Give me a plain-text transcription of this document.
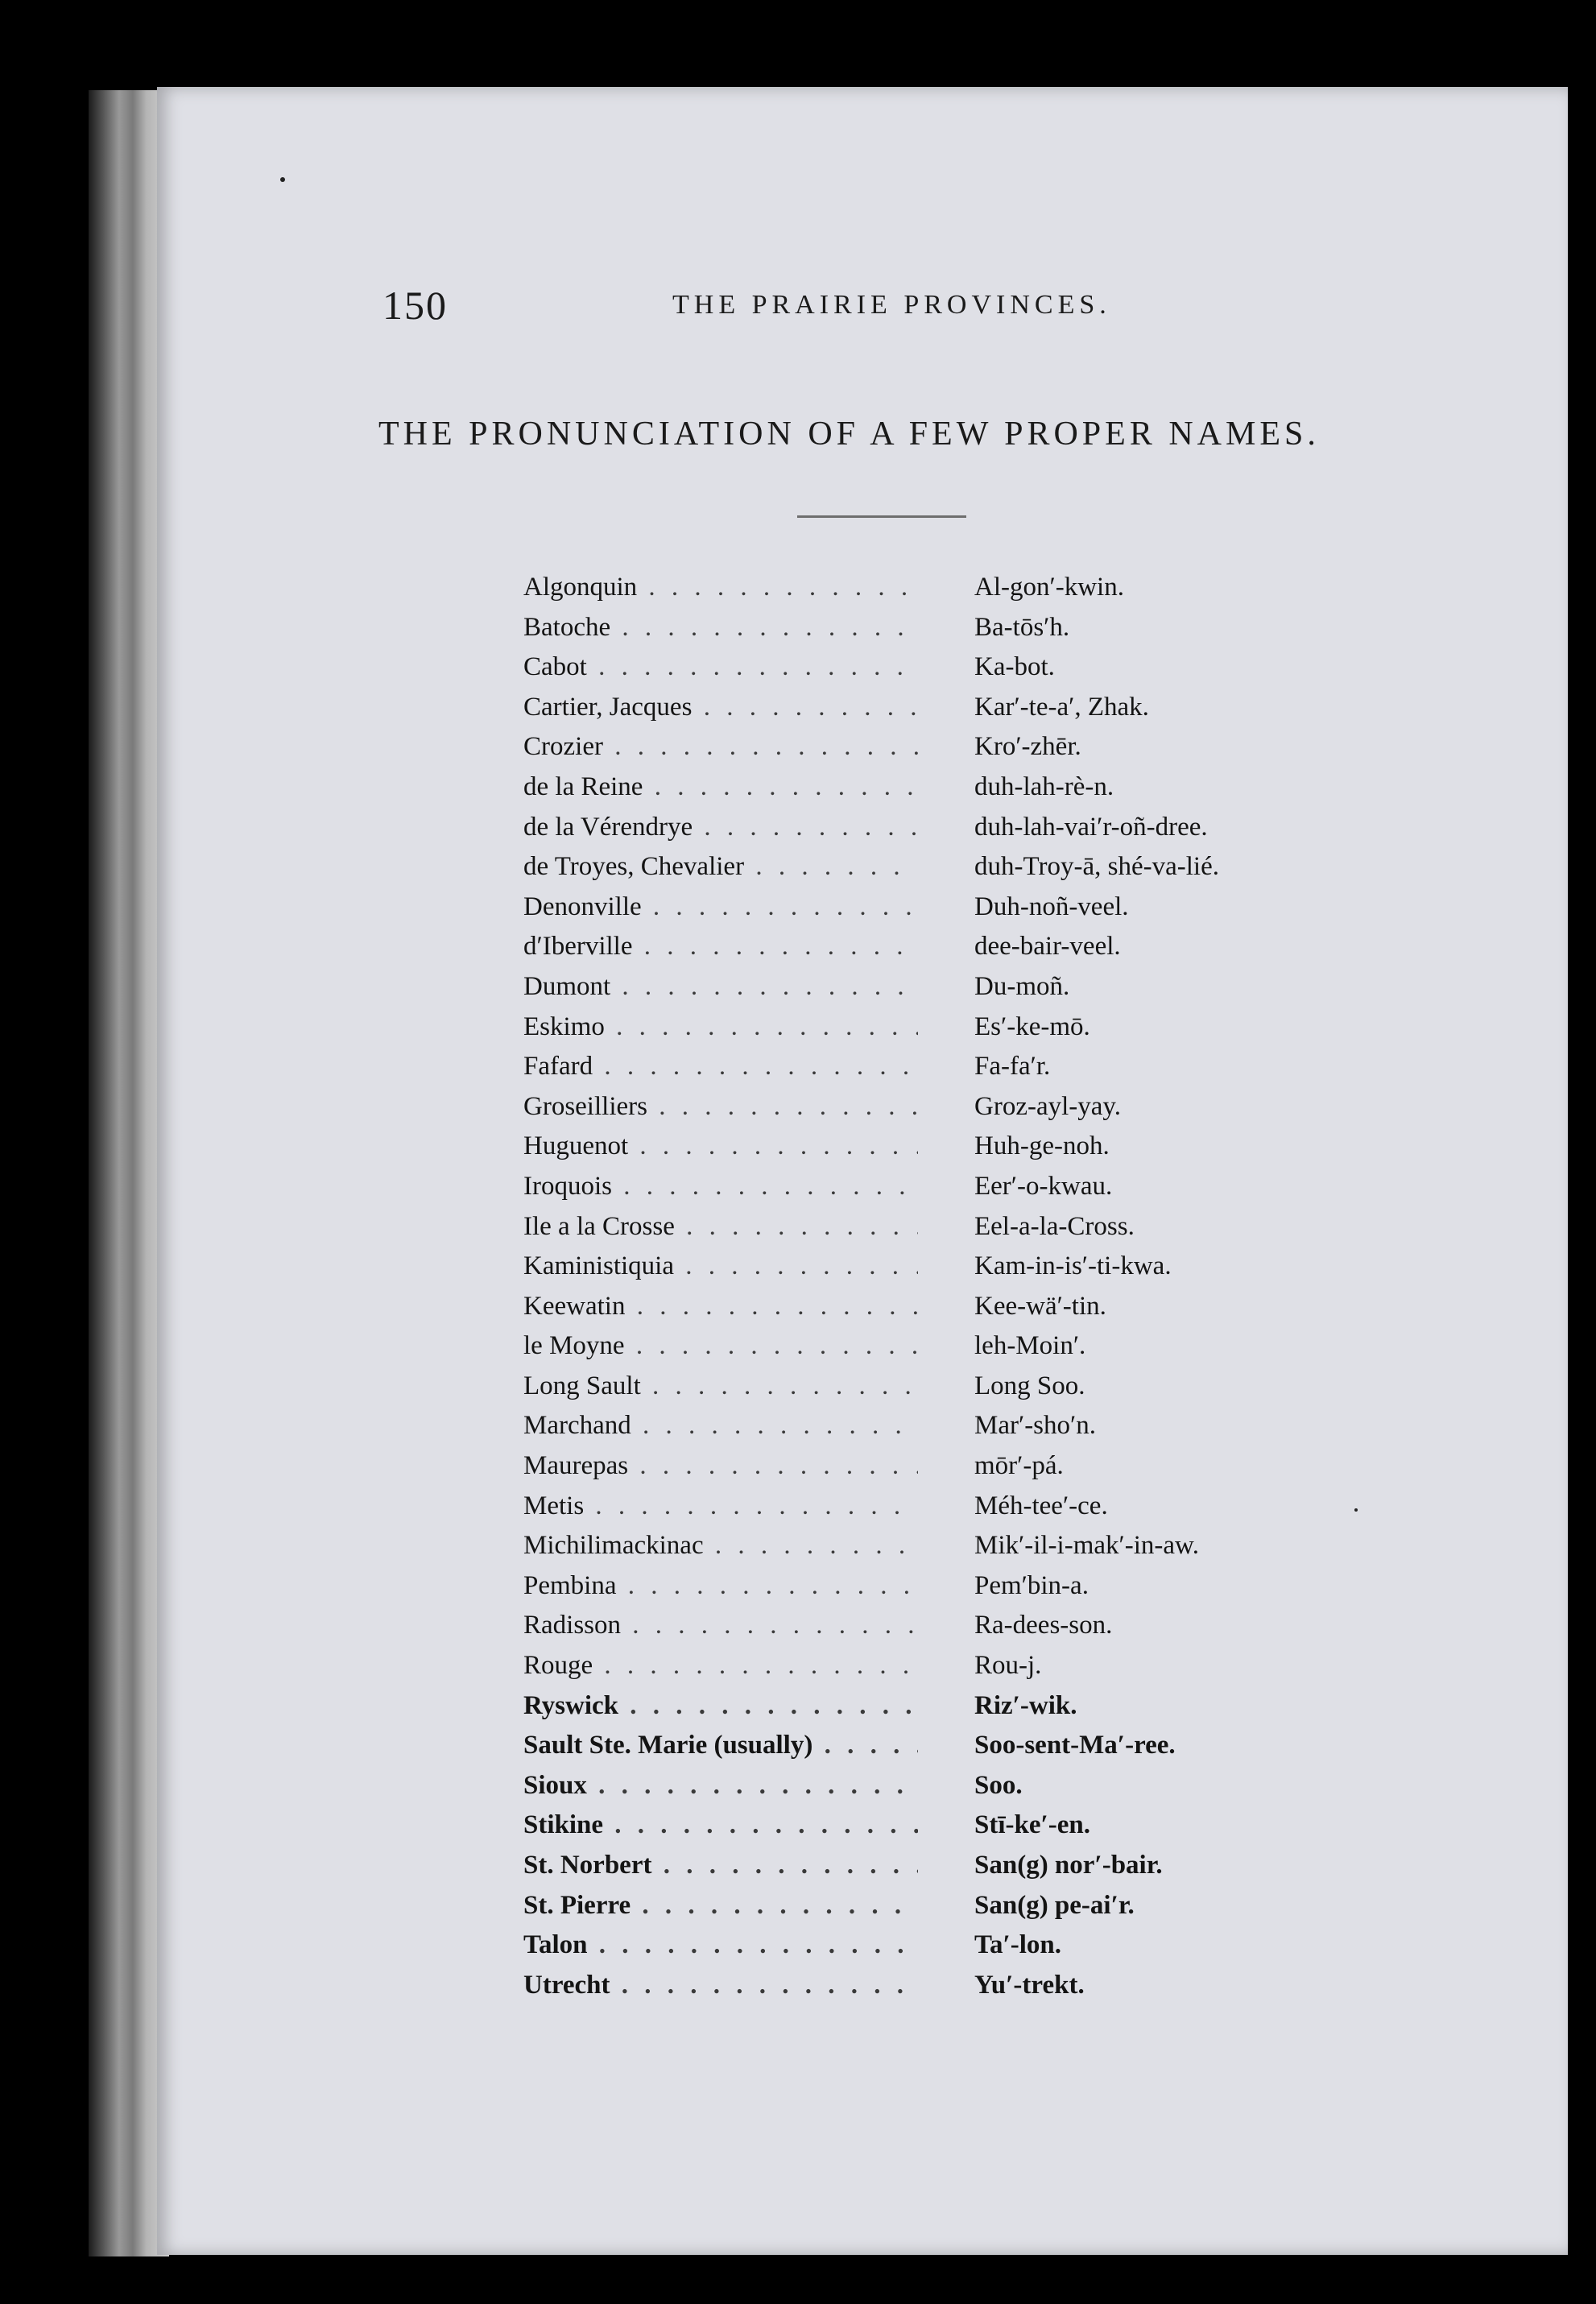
150	THE PRAIRIE PROVINCES.
THE PRONUNCIATION OF A FEW PROPER NAMES.
Algonquin . . .	Al-gon′-kwin.
Batoche . . .	Ba-tōs′h.
Cabot . . .	Ka-bot.
Cartier, Jacques . . .	Kar′-te-a′, Zhak.
Crozier . . .	Kro′-zhēr.
de la Reine . . .	duh-lah-rè-n.
de la Vérendrye . . .	duh-lah-vai′r-oñ-dree.
de Troyes, Chevalier . . .	duh-Troy-ā, shé-va-lié.
Denonville . . .	Duh-noñ-veel.
d′Iberville . . .	dee-bair-veel.
Dumont . . .	Du-moñ.
Eskimo . . .	Es′-ke-mō.
Fafard . . .	Fa-fa′r.
Groseilliers . . .	Groz-ayl-yay.
Huguenot . . .	Huh-ge-noh.
Iroquois . . .	Eer′-o-kwau.
Ile a la Crosse . . .	Eel-a-la-Cross.
Kaministiquia . . .	Kam-in-is′-ti-kwa.
Keewatin . . .	Kee-wä′-tin.
le Moyne . . .	leh-Moin′.
Long Sault . . .	Long Soo.
Marchand . . .	Mar′-sho′n.
Maurepas . . .	mōr′-pá.
Metis . . .	Méh-tee′-ce.
Michilimackinac . . .	Mik′-il-i-mak′-in-aw.
Pembina . . .	Pem′bin-a.
Radisson . . .	Ra-dees-son.
Rouge . . .	Rou-j.
Ryswick . . .	Riz′-wik.
Sault Ste. Marie (usually) . . .	Soo-sent-Ma′-ree.
Sioux . . .	Soo.
Stikine . . .	Stī-ke′-en.
St. Norbert . . .	San(g) nor′-bair.
St. Pierre . . .	San(g) pe-ai′r.
Talon . . .	Ta′-lon.
Utrecht . . .	Yu′-trekt.
